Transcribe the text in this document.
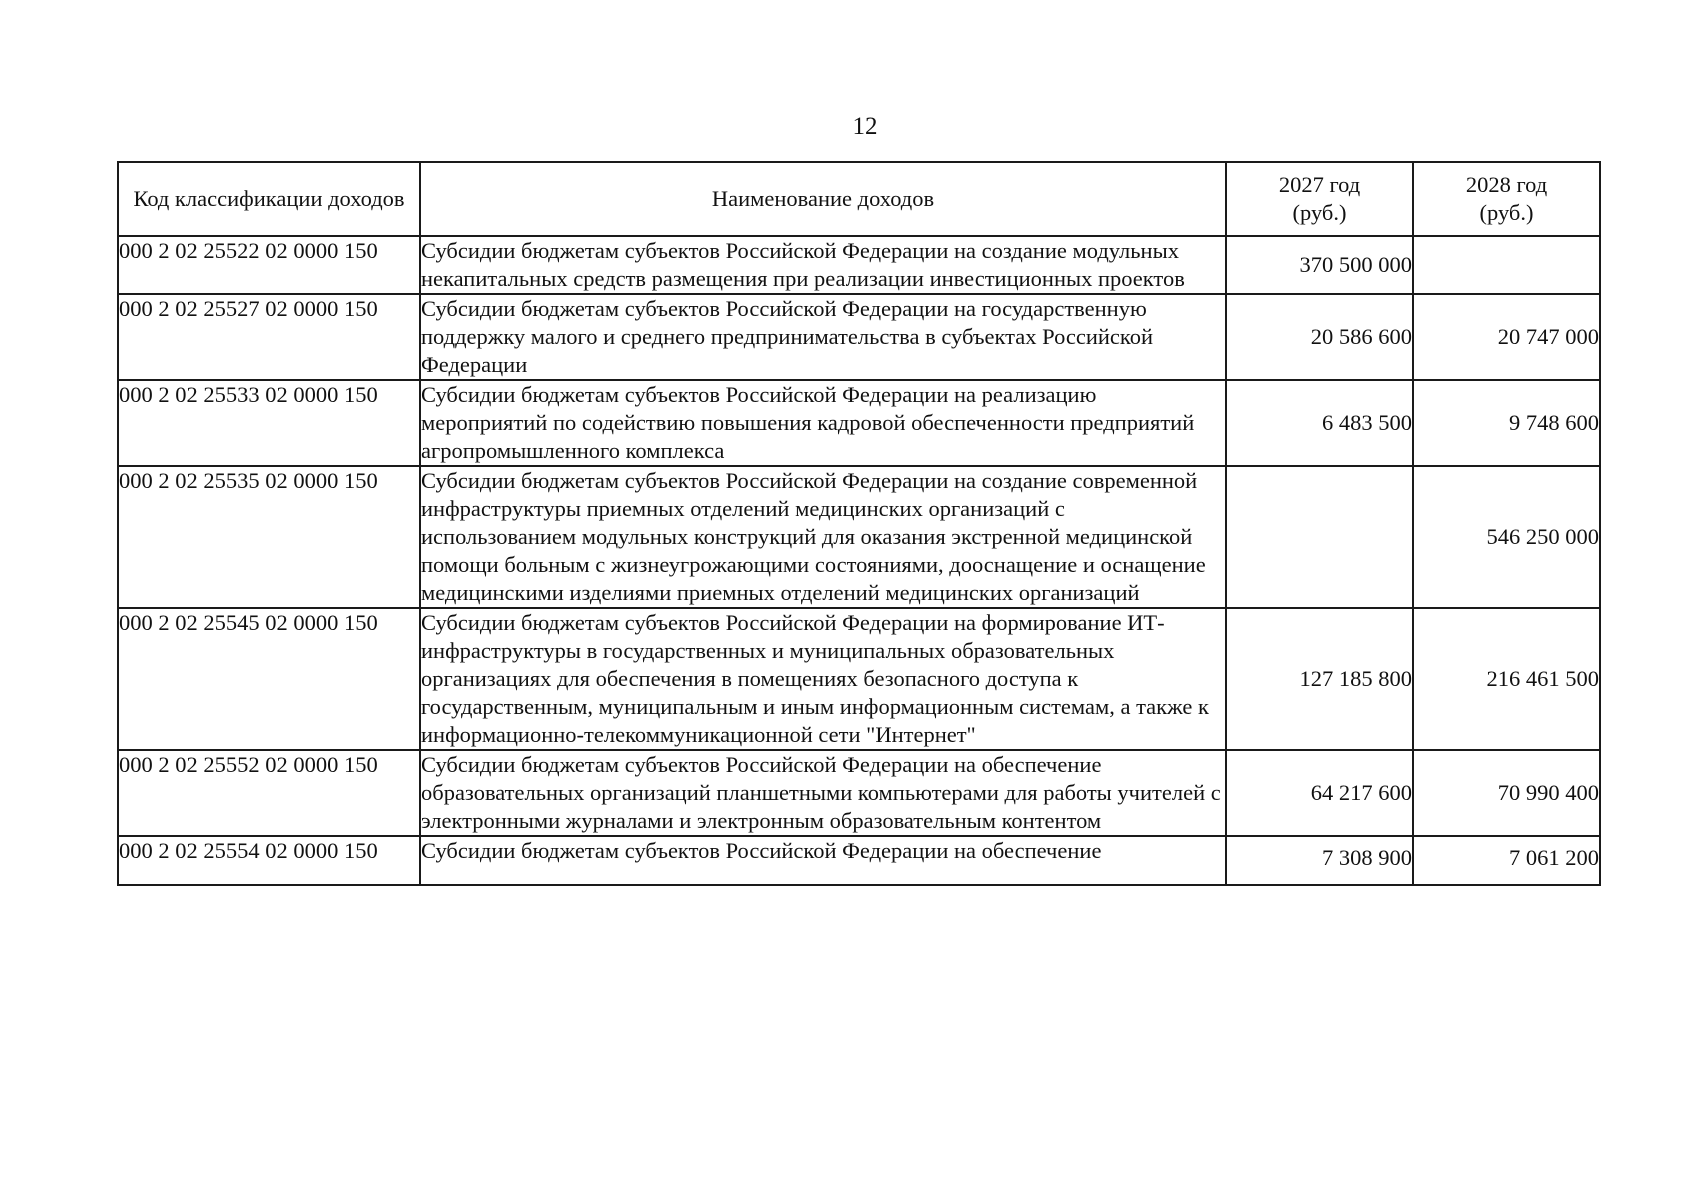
12
Код классификации доходов	Наименование доходов	2027 год (руб.)	2028 год (руб.)

000 2 02 25522 02 0000 150	Субсидии бюджетам субъектов Российской Федерации на создание модульных некапитальных средств размещения при реализации инвестиционных проектов	370 500 000	
000 2 02 25527 02 0000 150	Субсидии бюджетам субъектов Российской Федерации на государственную поддержку малого и среднего предпринимательства в субъектах Российской Федерации	20 586 600	20 747 000
000 2 02 25533 02 0000 150	Субсидии бюджетам субъектов Российской Федерации на реализацию мероприятий по содействию повышения кадровой обеспеченности предприятий агропромышленного комплекса	6 483 500	9 748 600
000 2 02 25535 02 0000 150	Субсидии бюджетам субъектов Российской Федерации на создание современной инфраструктуры приемных отделений медицинских организаций с использованием модульных конструкций для оказания экстренной медицинской помощи больным с жизнеугрожающими состояниями, дооснащение и оснащение медицинскими изделиями приемных отделений медицинских организаций		546 250 000
000 2 02 25545 02 0000 150	Субсидии бюджетам субъектов Российской Федерации на формирование ИТ-инфраструктуры в государственных и муниципальных образовательных организациях для обеспечения в помещениях безопасного доступа к государственным, муниципальным и иным информационным системам, а также к информационно-телекоммуникационной сети "Интернет"	127 185 800	216 461 500
000 2 02 25552 02 0000 150	Субсидии бюджетам субъектов Российской Федерации на обеспечение образовательных организаций планшетными компьютерами для работы учителей с электронными журналами и электронным образовательным контентом	64 217 600	70 990 400
000 2 02 25554 02 0000 150	Субсидии бюджетам субъектов Российской Федерации на обеспечение	7 308 900	7 061 200
